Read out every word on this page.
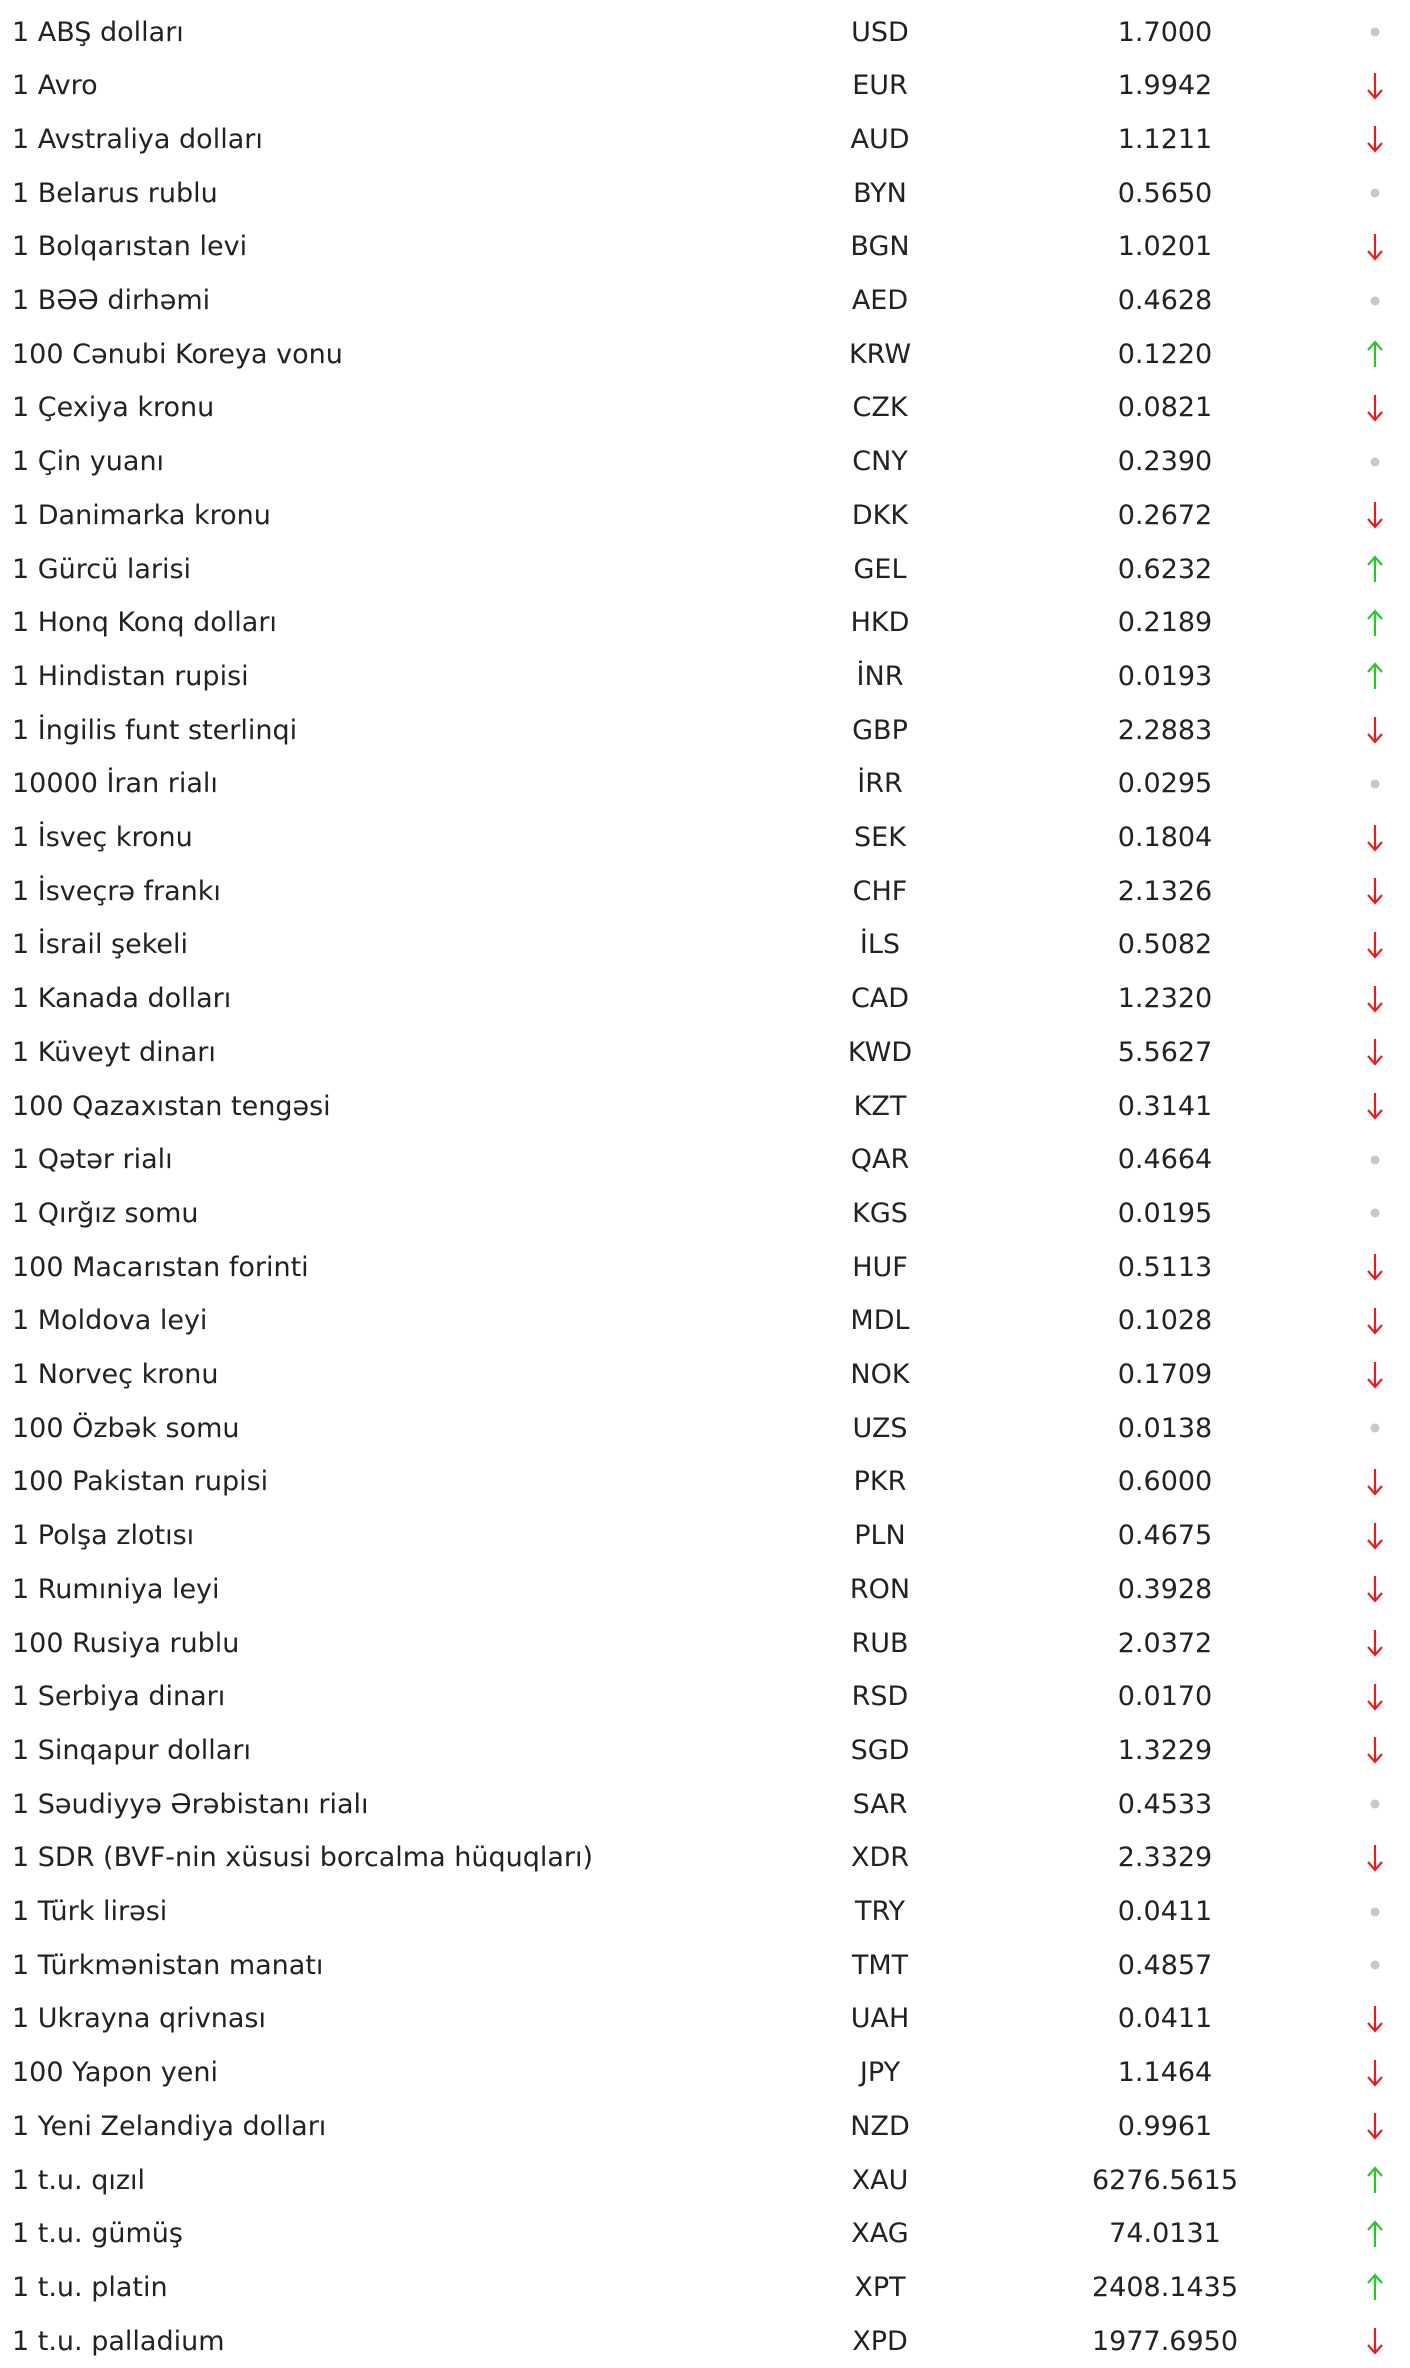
1 ABŞ dolları	USD	1.7000
1 Avro	EUR	1.9942
1 Avstraliya dolları	AUD	1.1211
1 Belarus rublu	BYN	0.5650
1 Bolqarıstan levi	BGN	1.0201
1 BƏƏ dirhəmi	AED	0.4628
100 Cənubi Koreya vonu	KRW	0.1220
1 Çexiya kronu	CZK	0.0821
1 Çin yuanı	CNY	0.2390
1 Danimarka kronu	DKK	0.2672
1 Gürcü larisi	GEL	0.6232
1 Honq Konq dolları	HKD	0.2189
1 Hindistan rupisi	İNR	0.0193
1 İngilis funt sterlinqi	GBP	2.2883
10000 İran rialı	İRR	0.0295
1 İsveç kronu	SEK	0.1804
1 İsveçrə frankı	CHF	2.1326
1 İsrail şekeli	İLS	0.5082
1 Kanada dolları	CAD	1.2320
1 Küveyt dinarı	KWD	5.5627
100 Qazaxıstan tengəsi	KZT	0.3141
1 Qətər rialı	QAR	0.4664
1 Qırğız somu	KGS	0.0195
100 Macarıstan forinti	HUF	0.5113
1 Moldova leyi	MDL	0.1028
1 Norveç kronu	NOK	0.1709
100 Özbək somu	UZS	0.0138
100 Pakistan rupisi	PKR	0.6000
1 Polşa zlotısı	PLN	0.4675
1 Rumıniya leyi	RON	0.3928
100 Rusiya rublu	RUB	2.0372
1 Serbiya dinarı	RSD	0.0170
1 Sinqapur dolları	SGD	1.3229
1 Səudiyyə Ərəbistanı rialı	SAR	0.4533
1 SDR (BVF-nin xüsusi borcalma hüquqları)	XDR	2.3329
1 Türk lirəsi	TRY	0.0411
1 Türkmənistan manatı	TMT	0.4857
1 Ukrayna qrivnası	UAH	0.0411
100 Yapon yeni	JPY	1.1464
1 Yeni Zelandiya dolları	NZD	0.9961
1 t.u. qızıl	XAU	6276.5615
1 t.u. gümüş	XAG	74.0131
1 t.u. platin	XPT	2408.1435
1 t.u. palladium	XPD	1977.6950
